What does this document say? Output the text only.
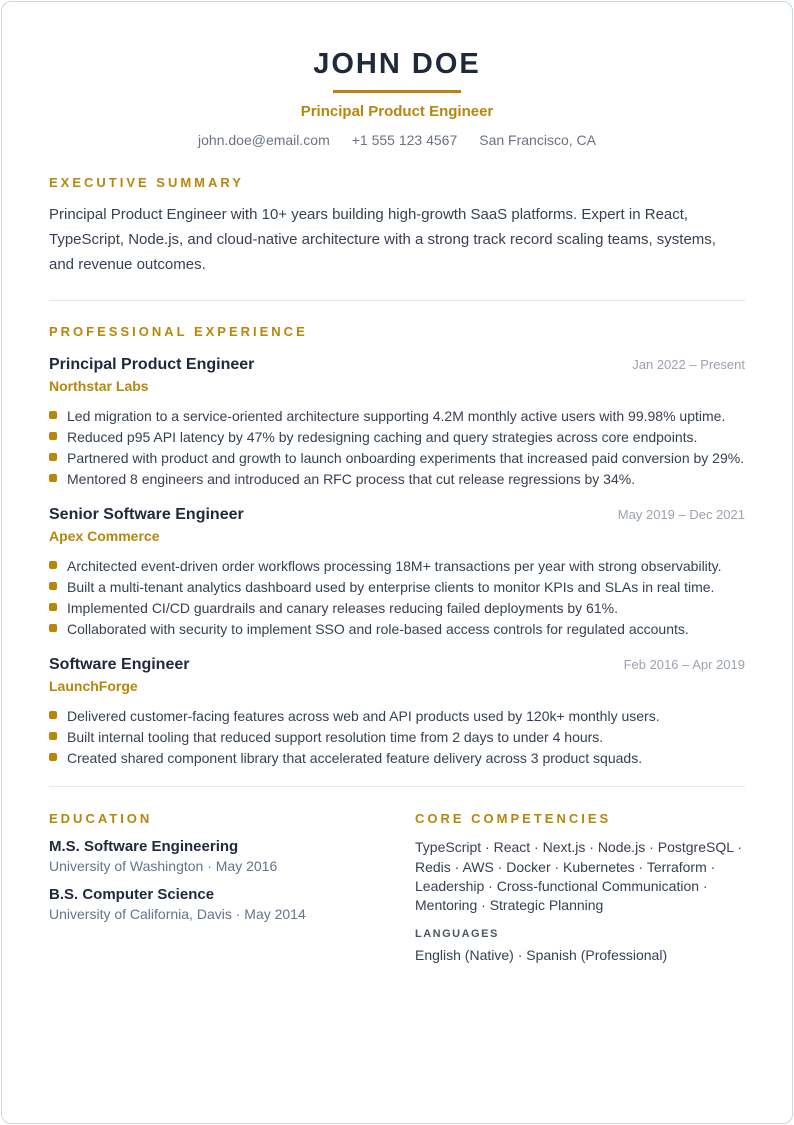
JOHN DOE
Principal Product Engineer
john.doe@email.com +1 555 123 4567 San Francisco, CA
EXECUTIVE SUMMARY

Principal Product Engineer with 10+ years building high-growth SaaS platforms. Expert in React, TypeScript, Node.js, and cloud-native architecture with a strong track record scaling teams, systems, and revenue outcomes.

PROFESSIONAL EXPERIENCE
Principal Product Engineer	Jan 2022 – Present
Northstar Labs
Led migration to a service-oriented architecture supporting 4.2M monthly active users with 99.98% uptime.
Reduced p95 API latency by 47% by redesigning caching and query strategies across core endpoints.
Partnered with product and growth to launch onboarding experiments that increased paid conversion by 29%.
Mentored 8 engineers and introduced an RFC process that cut release regressions by 34%.
Senior Software Engineer	May 2019 – Dec 2021
Apex Commerce
Architected event-driven order workflows processing 18M+ transactions per year with strong observability.
Built a multi-tenant analytics dashboard used by enterprise clients to monitor KPIs and SLAs in real time.
Implemented CI/CD guardrails and canary releases reducing failed deployments by 61%.
Collaborated with security to implement SSO and role-based access controls for regulated accounts.
Software Engineer	Feb 2016 – Apr 2019
LaunchForge
Delivered customer-facing features across web and API products used by 120k+ monthly users.
Built internal tooling that reduced support resolution time from 2 days to under 4 hours.
Created shared component library that accelerated feature delivery across 3 product squads.
EDUCATION
M.S. Software Engineering
University of Washington · May 2016
B.S. Computer Science
University of California, Davis · May 2014
CORE COMPETENCIES
TypeScript · React · Next.js · Node.js · PostgreSQL · Redis · AWS · Docker · Kubernetes · Terraform · Leadership · Cross-functional Communication · Mentoring · Strategic Planning
LANGUAGES
English (Native) · Spanish (Professional)
